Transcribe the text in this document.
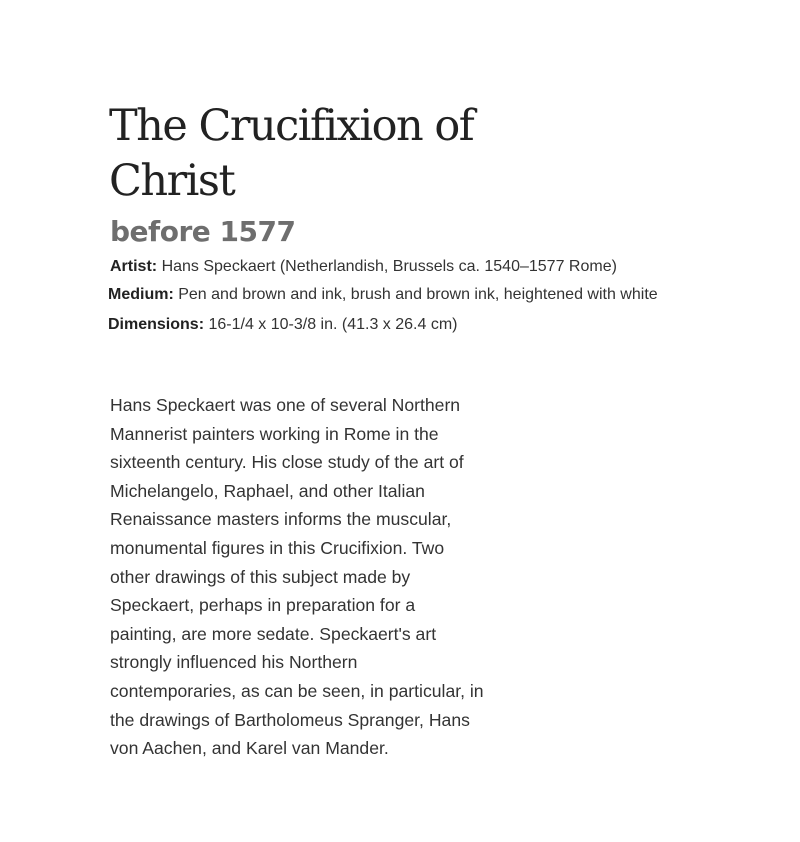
The Crucifixion of Christ
before 1577
Artist: Hans Speckaert (Netherlandish, Brussels ca. 1540–1577 Rome)
Medium: Pen and brown and ink, brush and brown ink, heightened with white
Dimensions: 16-1/4 x 10-3/8 in. (41.3 x 26.4 cm)

Hans Speckaert was one of several Northern
Mannerist painters working in Rome in the
sixteenth century. His close study of the art of
Michelangelo, Raphael, and other Italian
Renaissance masters informs the muscular,
monumental figures in this Crucifixion. Two
other drawings of this subject made by
Speckaert, perhaps in preparation for a
painting, are more sedate. Speckaert's art
strongly influenced his Northern
contemporaries, as can be seen, in particular, in
the drawings of Bartholomeus Spranger, Hans
von Aachen, and Karel van Mander.
